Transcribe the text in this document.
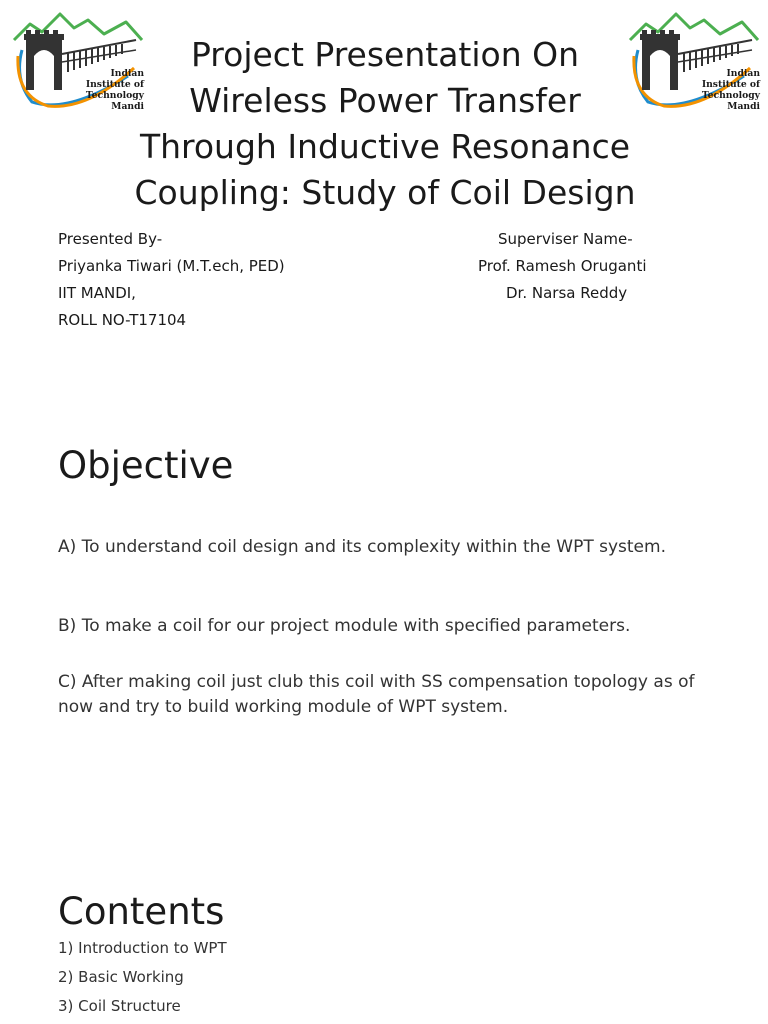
Indian
Institute of
Technology
Mandi
Indian
Institute of
Technology
Mandi
Project Presentation On
Wireless Power Transfer
Through Inductive Resonance
Coupling: Study of Coil Design
Presented By-
Priyanka Tiwari (M.T.ech, PED)
IIT MANDI,
ROLL NO-T17104
Superviser Name-
Prof. Ramesh Oruganti
Dr. Narsa Reddy
Objective
A) To understand coil design and its complexity within the WPT system.
B) To make a coil for our project module with specified parameters.
C) After making coil just club this coil with SS compensation topology as of now and try to build working module of WPT system.
Contents
1) Introduction to WPT
2) Basic Working
3) Coil Structure
